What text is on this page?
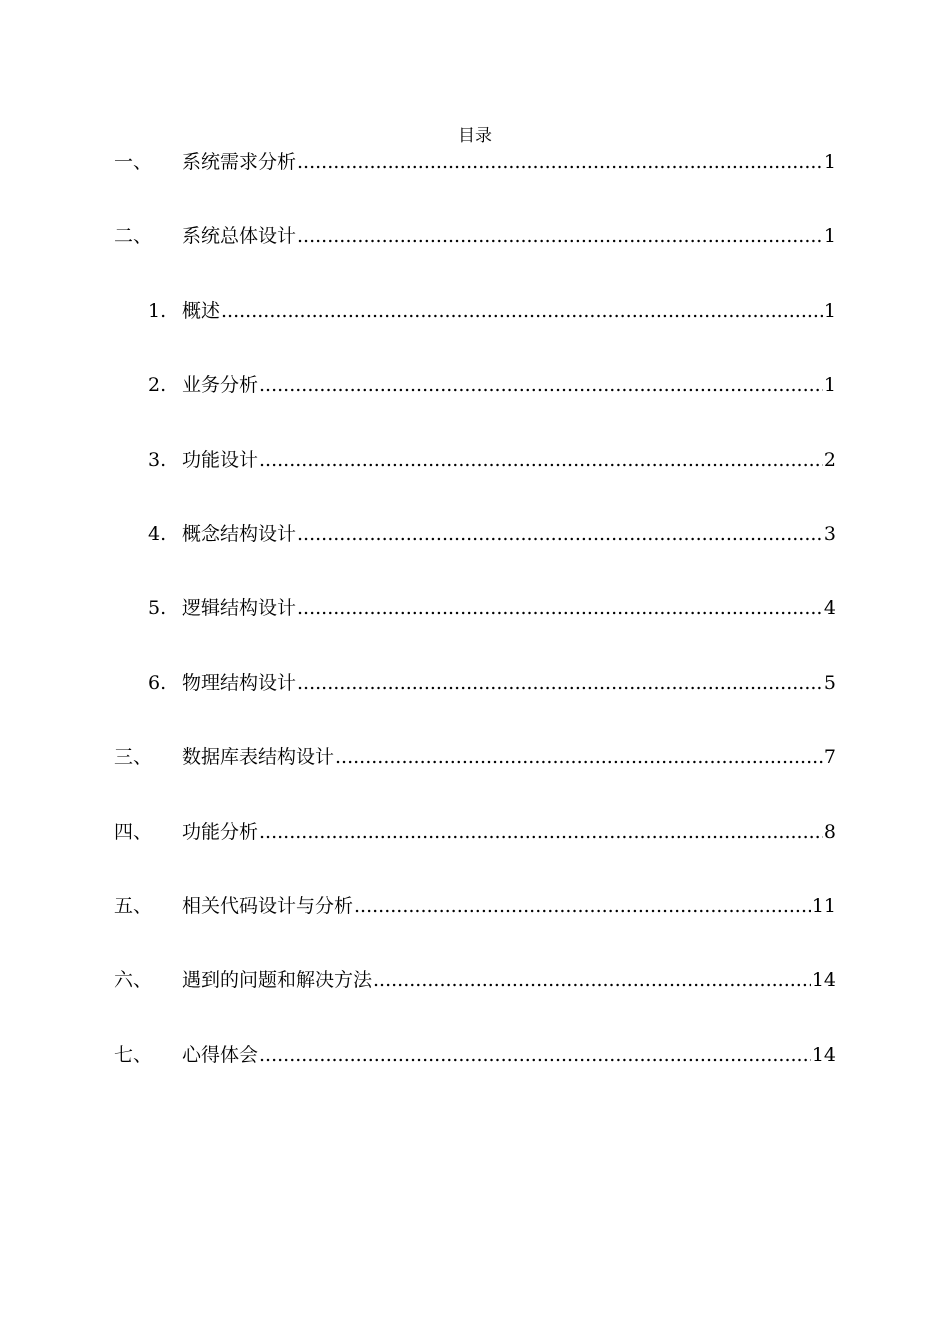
目录
一、	系统需求分析 .....	1
二、	系统总体设计 .....	1
1. 概述 .....	1
2. 业务分析 .....	1
3. 功能设计 .....	2
4. 概念结构设计 .....	3
5. 逻辑结构设计 .....	4
6. 物理结构设计 .....	5
三、	数据库表结构设计 .....	7
四、	功能分析 .....	8
五、	相关代码设计与分析 .....	11
六、	遇到的问题和解决方法 .....	14
七、	心得体会 .....	14
